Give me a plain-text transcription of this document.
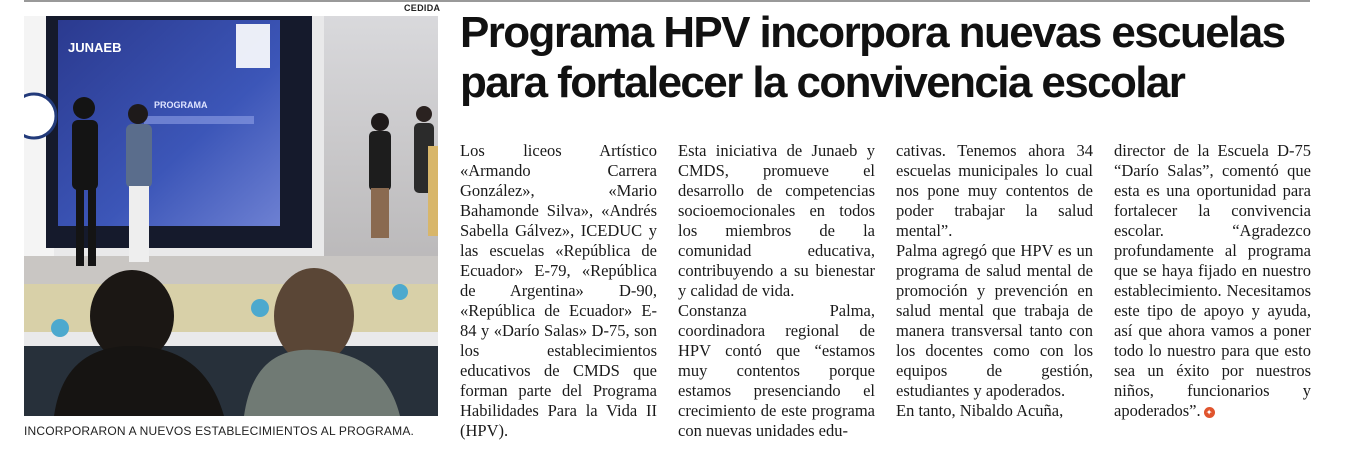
CEDIDA
JUNAEB
PROGRAMA
INCORPORARON A NUEVOS ESTABLECIMIENTOS AL PROGRAMA.
Programa HPV incorpora nuevas escuelas para fortalecer la convivencia escolar

Los liceos Artístico «Armando Carrera González», «Mario Bahamonde Silva», «Andrés Sabella Gálvez», ICEDUC y las escuelas «República de Ecuador» E-79, «República de Argentina» D-90, «República de Ecuador» E-84 y «Darío Salas» D-75, son los establecimientos educativos de CMDS que forman parte del Programa Habilidades Para la Vida II (HPV).

Esta iniciativa de Junaeb y CMDS, promueve el desarrollo de competencias socioemocionales en todos los miembros de la comunidad educativa, contribuyendo a su bienestar y calidad de vida.

Constanza Palma, coordinadora regional de HPV contó que “estamos muy contentos porque estamos presenciando el crecimiento de este programa con nuevas unidades edu-

cativas. Tenemos ahora 34 escuelas municipales lo cual nos pone muy contentos de poder trabajar la salud mental”.

Palma agregó que HPV es un programa de salud mental de promoción y prevención en salud mental que trabaja de manera transversal tanto con los docentes como con los equipos de gestión, estudiantes y apoderados.

En tanto, Nibaldo Acuña,

director de la Escuela D-75 “Darío Salas”, comentó que esta es una oportunidad para fortalecer la convivencia escolar. “Agradezco profundamente al programa que se haya fijado en nuestro establecimiento. Necesitamos este tipo de apoyo y ayuda, así que ahora vamos a poner todo lo nuestro para que esto sea un éxito por nuestros niños, funcionarios y apoderados”. ✦
